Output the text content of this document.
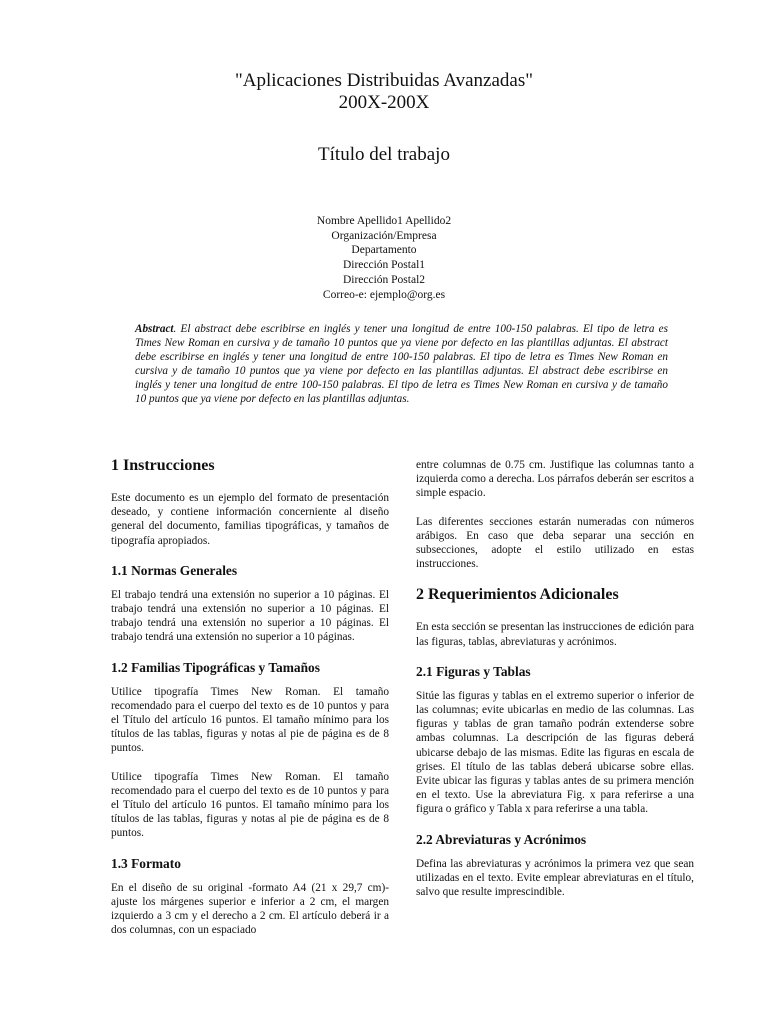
"Aplicaciones Distribuidas Avanzadas"
200X-200X
Título del trabajo
Nombre Apellido1 Apellido2
Organización/Empresa
Departamento
Dirección Postal1
Dirección Postal2
Correo-e: ejemplo@org.es
Abstract. El abstract debe escribirse en inglés y tener una longitud de entre 100-150 palabras. El tipo de letra es Times New Roman en cursiva y de tamaño 10 puntos que ya viene por defecto en las plantillas adjuntas. El abstract debe escribirse en inglés y tener una longitud de entre 100-150 palabras. El tipo de letra es Times New Roman en cursiva y de tamaño 10 puntos que ya viene por defecto en las plantillas adjuntas. El abstract debe escribirse en inglés y tener una longitud de entre 100-150 palabras. El tipo de letra es Times New Roman en cursiva y de tamaño 10 puntos que ya viene por defecto en las plantillas adjuntas.
1 Instrucciones

Este documento es un ejemplo del formato de presentación deseado, y contiene información concerniente al diseño general del documento, familias tipográficas, y tamaños de tipografía apropiados.

1.1 Normas Generales

El trabajo tendrá una extensión no superior a 10 páginas. El trabajo tendrá una extensión no superior a 10 páginas. El trabajo tendrá una extensión no superior a 10 páginas. El trabajo tendrá una extensión no superior a 10 páginas.

1.2 Familias Tipográficas y Tamaños

Utilice tipografía Times New Roman. El tamaño recomendado para el cuerpo del texto es de 10 puntos y para el Título del artículo 16 puntos. El tamaño mínimo para los títulos de las tablas, figuras y notas al pie de página es de 8 puntos.

Utilice tipografía Times New Roman. El tamaño recomendado para el cuerpo del texto es de 10 puntos y para el Título del artículo 16 puntos. El tamaño mínimo para los títulos de las tablas, figuras y notas al pie de página es de 8 puntos.

1.3 Formato

En el diseño de su original -formato A4 (21 x 29,7 cm)- ajuste los márgenes superior e inferior a 2 cm, el margen izquierdo a 3 cm y el derecho a 2 cm. El artículo deberá ir a dos columnas, con un espaciado

entre columnas de 0.75 cm. Justifique las columnas tanto a izquierda como a derecha. Los párrafos deberán ser escritos a simple espacio.

Las diferentes secciones estarán numeradas con números arábigos. En caso que deba separar una sección en subsecciones, adopte el estilo utilizado en estas instrucciones.

2 Requerimientos Adicionales

En esta sección se presentan las instrucciones de edición para las figuras, tablas, abreviaturas y acrónimos.

2.1 Figuras y Tablas

Sitúe las figuras y tablas en el extremo superior o inferior de las columnas; evite ubicarlas en medio de las columnas. Las figuras y tablas de gran tamaño podrán extenderse sobre ambas columnas. La descripción de las figuras deberá ubicarse debajo de las mismas. Edite las figuras en escala de grises. El título de las tablas deberá ubicarse sobre ellas. Evite ubicar las figuras y tablas antes de su primera mención en el texto. Use la abreviatura Fig. x para referirse a una figura o gráfico y Tabla x para referirse a una tabla.

2.2 Abreviaturas y Acrónimos

Defina las abreviaturas y acrónimos la primera vez que sean utilizadas en el texto. Evite emplear abreviaturas en el título, salvo que resulte imprescindible.
